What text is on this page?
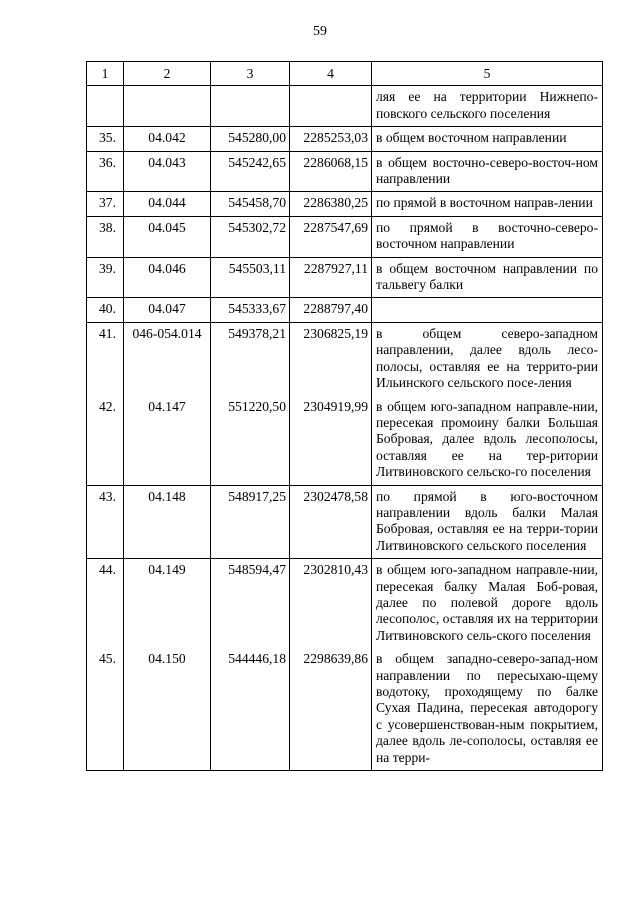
59
1	2	3	4	5
				ляя ее на территории Нижнепо-повского сельского поселения
35.	04.042	545280,00	2285253,03	в общем восточном направлении
36.	04.043	545242,65	2286068,15	в общем восточно-северо-восточ-ном направлении
37.	04.044	545458,70	2286380,25	по прямой в восточном направ-лении
38.	04.045	545302,72	2287547,69	по прямой в восточно-северо-восточном направлении
39.	04.046	545503,11	2287927,11	в общем восточном направлении по тальвегу балки
40.	04.047	545333,67	2288797,40	
41.	046-054.014	549378,21	2306825,19	в общем северо-западном направлении, далее вдоль лесо-полосы, оставляя ее на террито-рии Ильинского сельского посе-ления
42.	04.147	551220,50	2304919,99	в общем юго-западном направле-нии, пересекая промоину балки Большая Бобровая, далее вдоль лесополосы, оставляя ее на тер-ритории Литвиновского сельско-го поселения
43.	04.148	548917,25	2302478,58	по прямой в юго-восточном направлении вдоль балки Малая Бобровая, оставляя ее на терри-тории Литвиновского сельского поселения
44.	04.149	548594,47	2302810,43	в общем юго-западном направле-нии, пересекая балку Малая Боб-ровая, далее по полевой дороге вдоль лесополос, оставляя их на территории Литвиновского сель-ского поселения
45.	04.150	544446,18	2298639,86	в общем западно-северо-запад-ном направлении по пересыхаю-щему водотоку, проходящему по балке Сухая Падина, пересекая автодорогу с усовершенствован-ным покрытием, далее вдоль ле-сополосы, оставляя ее на терри-
